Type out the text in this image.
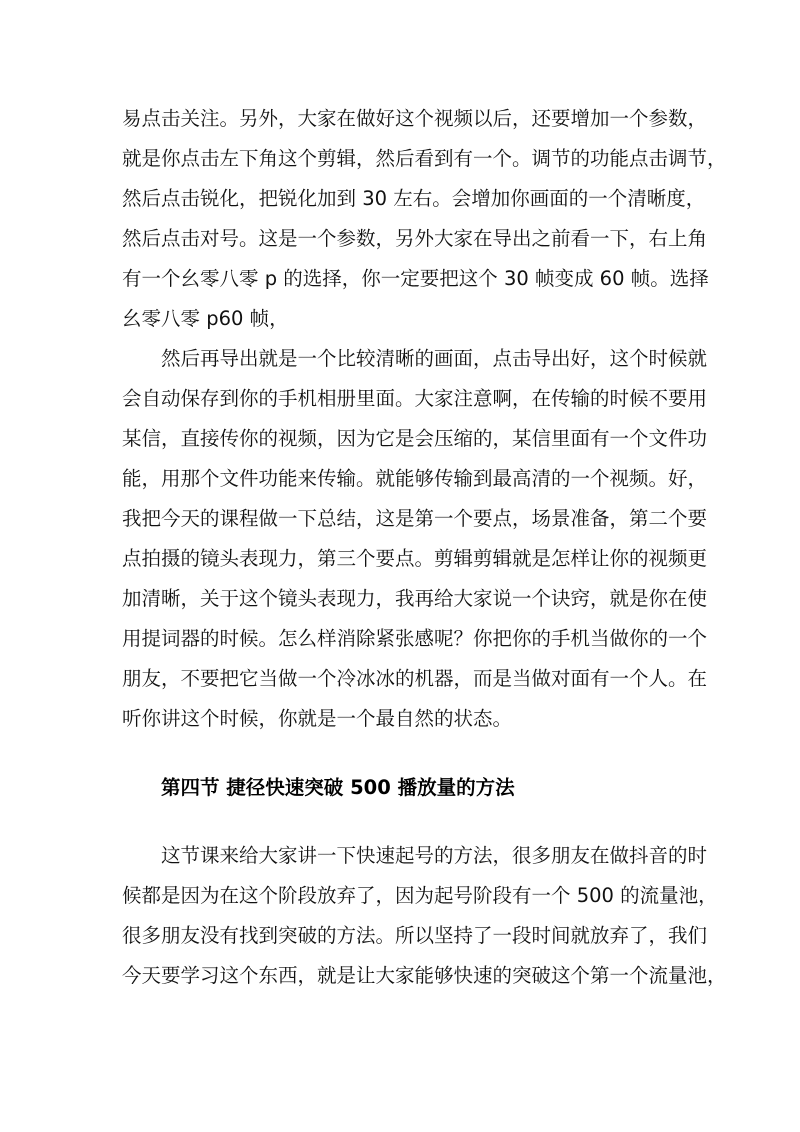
易点击关注。另外，大家在做好这个视频以后，还要增加一个参数，
就是你点击左下角这个剪辑，然后看到有一个。调节的功能点击调节，
然后点击锐化，把锐化加到 30 左右。会增加你画面的一个清晰度，
然后点击对号。这是一个参数，另外大家在导出之前看一下，右上角
有一个幺零八零 p 的选择，你一定要把这个 30 帧变成 60 帧。选择
幺零八零 p60 帧，
然后再导出就是一个比较清晰的画面，点击导出好，这个时候就
会自动保存到你的手机相册里面。大家注意啊，在传输的时候不要用
某信，直接传你的视频，因为它是会压缩的，某信里面有一个文件功
能，用那个文件功能来传输。就能够传输到最高清的一个视频。好，
我把今天的课程做一下总结，这是第一个要点，场景准备，第二个要
点拍摄的镜头表现力，第三个要点。剪辑剪辑就是怎样让你的视频更
加清晰，关于这个镜头表现力，我再给大家说一个诀窍，就是你在使
用提词器的时候。怎么样消除紧张感呢？你把你的手机当做你的一个
朋友，不要把它当做一个冷冰冰的机器，而是当做对面有一个人。在
听你讲这个时候，你就是一个最自然的状态。
第四节 捷径快速突破 500 播放量的方法
这节课来给大家讲一下快速起号的方法，很多朋友在做抖音的时
候都是因为在这个阶段放弃了，因为起号阶段有一个 500 的流量池，
很多朋友没有找到突破的方法。所以坚持了一段时间就放弃了，我们
今天要学习这个东西，就是让大家能够快速的突破这个第一个流量池，
